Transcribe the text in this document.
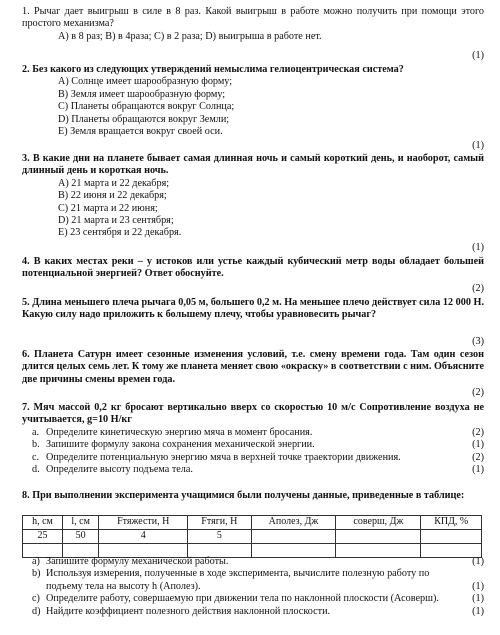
1. Рычаг дает выигрыш в силе в 8 раз. Какой выигрыш в работе можно получить при помощи этого простого механизма?
А) в 8 раз; B) в 4раза; C) в 2 раза; D) выигрыша в работе нет.
(1)
2. Без какого из следующих утверждений немыслима гелиоцентрическая система?
A) Солнце имеет шарообразную форму;
B) Земля имеет шарообразную форму;
C) Планеты обращаются вокруг Солнца;
D) Планеты обращаются вокруг Земли;
E) Земля вращается вокруг своей оси.
(1)
3. В какие дни на планете бывает самая длинная ночь и самый короткий день, и наоборот, самый длинный день и короткая ночь.
A) 21 марта и 22 декабря;
B) 22 июня и 22 декабря;
C) 21 марта и 22 июня;
D) 21 марта и 23 сентября;
E) 23 сентября и 22 декабря.
(1)
4. В каких местах реки – у истоков или устье каждый кубический метр воды обладает большей потенциальной энергией? Ответ обоснуйте.
(2)
5. Длина меньшего плеча рычага 0,05 м, большего 0,2 м. На меньшее плечо действует сила 12 000 Н. Какую силу надо приложить к большему плечу, чтобы уравновесить рычаг?
(3)
6. Планета Сатурн имеет сезонные изменения условий, т.е. смену времени года. Там один сезон длится целых семь лет. К тому же планета меняет свою «окраску» в соответствии с ним. Объясните две причины смены времен года.
(2)
7. Мяч массой 0,2 кг бросают вертикально вверх со скоростью 10 м/с Сопротивление воздуха не учитывается, g=10 Н/кг
a. Определите кинетическую энергию мяча в момент бросания.	(2)
b. Запишите формулу закона сохранения механической энергии.	(1)
c. Определите потенциальную энергию мяча в верхней точке траектории движения.	(2)
d. Определите высоту подъема тела.	(1)
8. При выполнении эксперимента учащимися были получены данные, приведенные в таблице:
h, см	l, см	Fтяжести, Н	Fтяги, Н	Аполез, Дж	соверш, Дж	КПД, %
25	50	4	5			

a) Запишите формулу механической работы.	(1)
b) Используя измерения, полученные в ходе эксперимента, вычислите полезную работу по подъему тела на высоту h (Аполез).	(1)
c) Определите работу, совершаемую при движении тела по наклонной плоскости (Асоверш).	(1)
d) Найдите коэффициент полезного действия наклонной плоскости.	(1)
